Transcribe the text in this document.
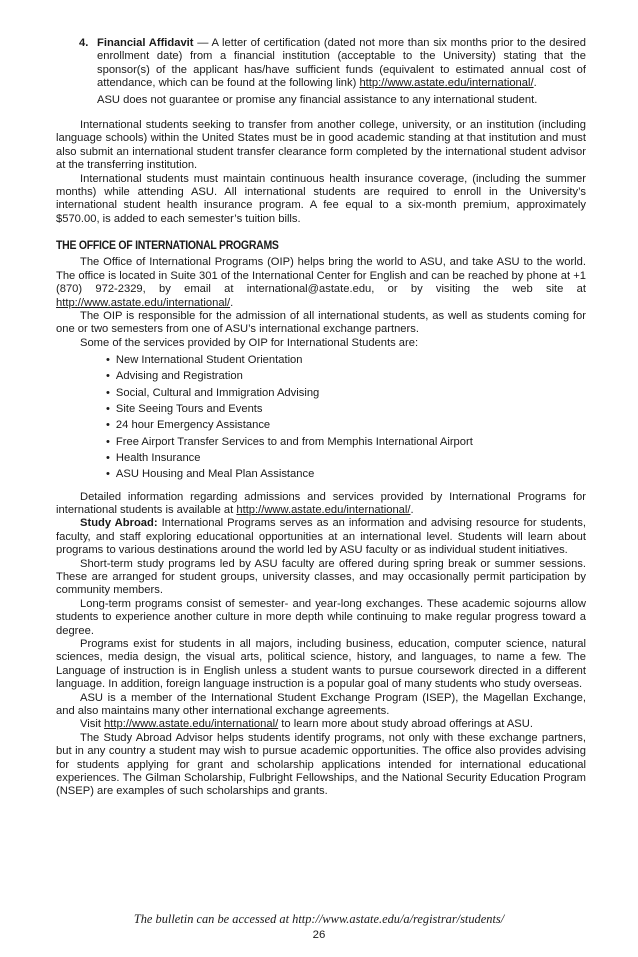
4. Financial Affidavit — A letter of certification (dated not more than six months prior to the desired enrollment date) from a financial institution (acceptable to the University) stating that the sponsor(s) of the applicant has/have sufficient funds (equivalent to estimated annual cost of attendance, which can be found at the following link) http://www.astate.edu/international/.

ASU does not guarantee or promise any financial assistance to any international student.

International students seeking to transfer from another college, university, or an institution (including language schools) within the United States must be in good academic standing at that institution and must also submit an international student transfer clearance form completed by the international student advisor at the transferring institution.

International students must maintain continuous health insurance coverage, (including the summer months) while attending ASU. All international students are required to enroll in the University’s international student health insurance program. A fee equal to a six-month premium, approximately $570.00, is added to each semester’s tuition bills.

THE OFFICE OF INTERNATIONAL PROGRAMS

The Office of International Programs (OIP) helps bring the world to ASU, and take ASU to the world. The office is located in Suite 301 of the International Center for English and can be reached by phone at +1 (870) 972-2329, by email at international@astate.edu, or by visiting the web site at http://www.astate.edu/international/.

The OIP is responsible for the admission of all international students, as well as students coming for one or two semesters from one of ASU’s international exchange partners.

Some of the services provided by OIP for International Students are:

• New International Student Orientation
• Advising and Registration
• Social, Cultural and Immigration Advising
• Site Seeing Tours and Events
• 24 hour Emergency Assistance
• Free Airport Transfer Services to and from Memphis International Airport
• Health Insurance
• ASU Housing and Meal Plan Assistance

Detailed information regarding admissions and services provided by International Programs for international students is available at http://www.astate.edu/international/.

Study Abroad: International Programs serves as an information and advising resource for students, faculty, and staff exploring educational opportunities at an international level. Students will learn about programs to various destinations around the world led by ASU faculty or as individual student initiatives.

Short-term study programs led by ASU faculty are offered during spring break or summer sessions. These are arranged for student groups, university classes, and may occasionally permit participation by community members.

Long-term programs consist of semester- and year-long exchanges. These academic sojourns allow students to experience another culture in more depth while continuing to make regular progress toward a degree.

Programs exist for students in all majors, including business, education, computer science, natural sciences, media design, the visual arts, political science, history, and languages, to name a few. The Language of instruction is in English unless a student wants to pursue coursework directed in a different language. In addition, foreign language instruction is a popular goal of many students who study overseas.

ASU is a member of the International Student Exchange Program (ISEP), the Magellan Exchange, and also maintains many other international exchange agreements.

Visit http://www.astate.edu/international/ to learn more about study abroad offerings at ASU.

The Study Abroad Advisor helps students identify programs, not only with these exchange partners, but in any country a student may wish to pursue academic opportunities. The office also provides advising for students applying for grant and scholarship applications intended for international educational experiences. The Gilman Scholarship, Fulbright Fellowships, and the National Security Education Program (NSEP) are examples of such scholarships and grants.

The bulletin can be accessed at http://www.astate.edu/a/registrar/students/
26
